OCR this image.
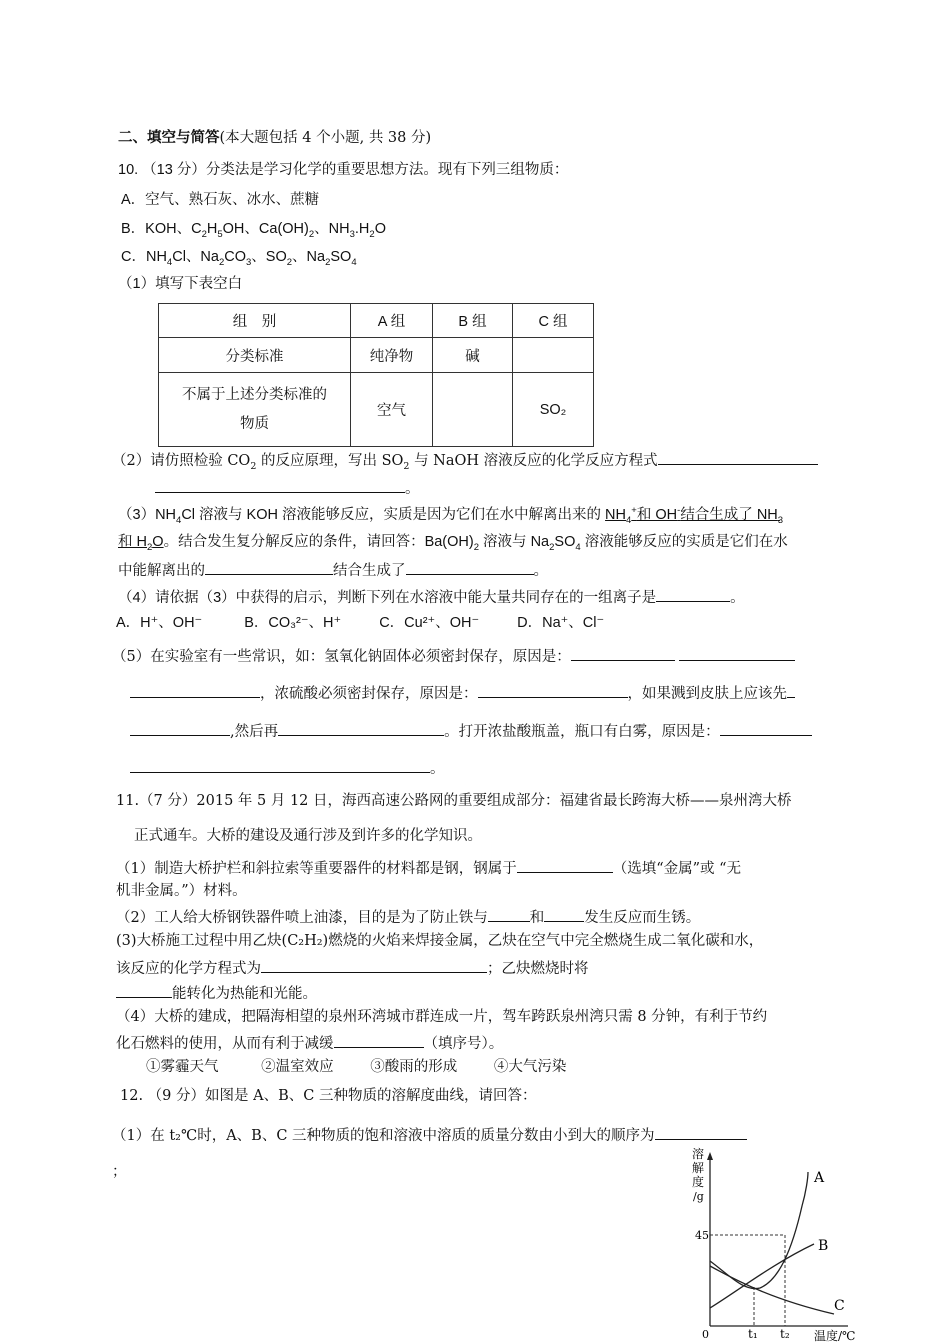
二、填空与简答(本大题包括 4 个小题, 共 38 分)
10. （13 分）分类法是学习化学的重要思想方法。现有下列三组物质：
A．空气、熟石灰、冰水、蔗糖
B．KOH、$C_2H_5OH$、$Ca(OH)_2$、$NH_3.H_2O$
C．$NH_4Cl$、$Na_2CO_3$、$SO_2$、$Na_2SO_4$
（1）填写下表空白
组　别	A 组	B 组	C 组
分类标准	纯净物	碱	
不属于上述分类标准的
物质	空气		SO₂
（2）请仿照检验 $CO_2$ 的反应原理，写出 $SO_2$ 与 NaOH 溶液反应的化学反应方程式
。
$(3)NH_4Cl$ 溶液与 KOH 溶液能够反应，实质是因为它们在水中解离出来的 $NH_4^+$和 OH-结合生成了 $NH_3$
和 $H_2O$。结合发生复分解反应的条件，请回答：$Ba(OH)_2$ 溶液与 $Na_2SO_4$ 溶液能够反应的实质是它们在水
中能解离出的	结合生成了	。
（4）请依据（3）中获得的启示，判断下列在水溶液中能大量共同存在的一组离子是	。
A．H⁺、OH⁻	B．CO₃²⁻、H⁺	C．Cu²⁺、OH⁻	D．Na⁺、Cl⁻
（5）在实验室有一些常识，如：氢氧化钠固体必须密封保存，原因是：
，浓硫酸必须密封保存，原因是：	，如果溅到皮肤上应该先
,然后再	。打开浓盐酸瓶盖，瓶口有白雾，原因是：
。
11.（7 分）2015 年 5 月 12 日，海西高速公路网的重要组成部分：福建省最长跨海大桥——泉州湾大桥
正式通车。大桥的建设及通行涉及到许多的化学知识。
（1）制造大桥护栏和斜拉索等重要器件的材料都是钢，钢属于	（选填“金属”或 “无
机非金属。”）材料。
（2）工人给大桥钢铁器件喷上油漆，目的是为了防止铁与	和	发生反应而生锈。
(3)大桥施工过程中用乙炔(C₂H₂)燃烧的火焰来焊接金属，乙炔在空气中完全燃烧生成二氧化碳和水，
该反应的化学方程式为	；乙炔燃烧时将
能转化为热能和光能。
（4）大桥的建成，把隔海相望的泉州环湾城市群连成一片，驾车跨跃泉州湾只需 8 分钟，有利于节约
化石燃料的使用，从而有利于减缓	（填序号）。
①雾霾天气	②温室效应	③酸雨的形成	④大气污染
12. （9 分）如图是 A、B、C 三种物质的溶解度曲线，请回答：
（1）在 t₂℃时，A、B、C 三种物质的饱和溶液中溶质的质量分数由小到大的顺序为
；
溶
解
度
/g
温度/℃
0
45
t₁ t₂
A
B
C
